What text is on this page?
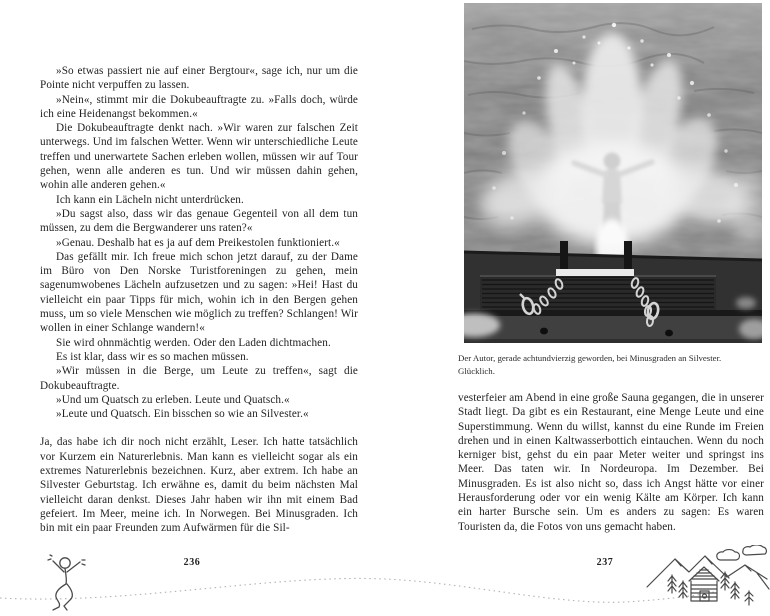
»So etwas passiert nie auf einer Bergtour«, sage ich, nur um die Pointe nicht verpuffen zu lassen.

»Nein«, stimmt mir die Dokubeauftragte zu. »Falls doch, würde ich eine Heidenangst bekommen.«

Die Dokubeauftragte denkt nach. »Wir waren zur falschen Zeit unterwegs. Und im falschen Wetter. Wenn wir unterschiedliche Leute treffen und unerwartete Sachen erleben wollen, müssen wir auf Tour gehen, wenn alle anderen es tun. Und wir müssen dahin gehen, wohin alle anderen gehen.«

Ich kann ein Lächeln nicht unterdrücken.

»Du sagst also, dass wir das genaue Gegenteil von all dem tun müssen, zu dem die Bergwanderer uns raten?«

»Genau. Deshalb hat es ja auf dem Preikestolen funktioniert.«

Das gefällt mir. Ich freue mich schon jetzt darauf, zu der Dame im Büro von Den Norske Turistforeningen zu gehen, mein sagenumwobenes Lächeln aufzusetzen und zu sagen: »Hei! Hast du vielleicht ein paar Tipps für mich, wohin ich in den Bergen gehen muss, um so viele Menschen wie möglich zu treffen? Schlangen! Wir wollen in einer Schlange wandern!«

Sie wird ohnmächtig werden. Oder den Laden dichtmachen.

Es ist klar, dass wir es so machen müssen.

»Wir müssen in die Berge, um Leute zu treffen«, sagt die Dokubeauftragte.

»Und um Quatsch zu erleben. Leute und Quatsch.«

»Leute und Quatsch. Ein bisschen so wie an Silvester.«

Ja, das habe ich dir noch nicht erzählt, Leser. Ich hatte tatsächlich vor Kurzem ein Naturerlebnis. Man kann es vielleicht sogar als ein extremes Naturerlebnis bezeichnen. Kurz, aber extrem. Ich habe an Silvester Geburtstag. Ich erwähne es, damit du beim nächsten Mal vielleicht daran denkst. Dieses Jahr haben wir ihn mit einem Bad gefeiert. Im Meer, meine ich. In Norwegen. Bei Minusgraden. Ich bin mit ein paar Freunden zum Aufwärmen für die Sil-

236
Der Autor, gerade achtundvierzig geworden, bei Minusgraden an Silvester.
Glücklich.

vesterfeier am Abend in eine große Sauna gegangen, die in unserer Stadt liegt. Da gibt es ein Restaurant, eine Menge Leute und eine Superstimmung. Wenn du willst, kannst du eine Runde im Freien drehen und in einen Kaltwasserbottich eintauchen. Wenn du noch kerniger bist, gehst du ein paar Meter weiter und springst ins Meer. Das taten wir. In Nordeuropa. Im Dezember. Bei Minusgraden. Es ist also nicht so, dass ich Angst hätte vor einer Herausforderung oder vor ein wenig Kälte am Körper. Ich kann ein harter Bursche sein. Um es anders zu sagen: Es waren Touristen da, die Fotos von uns gemacht haben.

237
